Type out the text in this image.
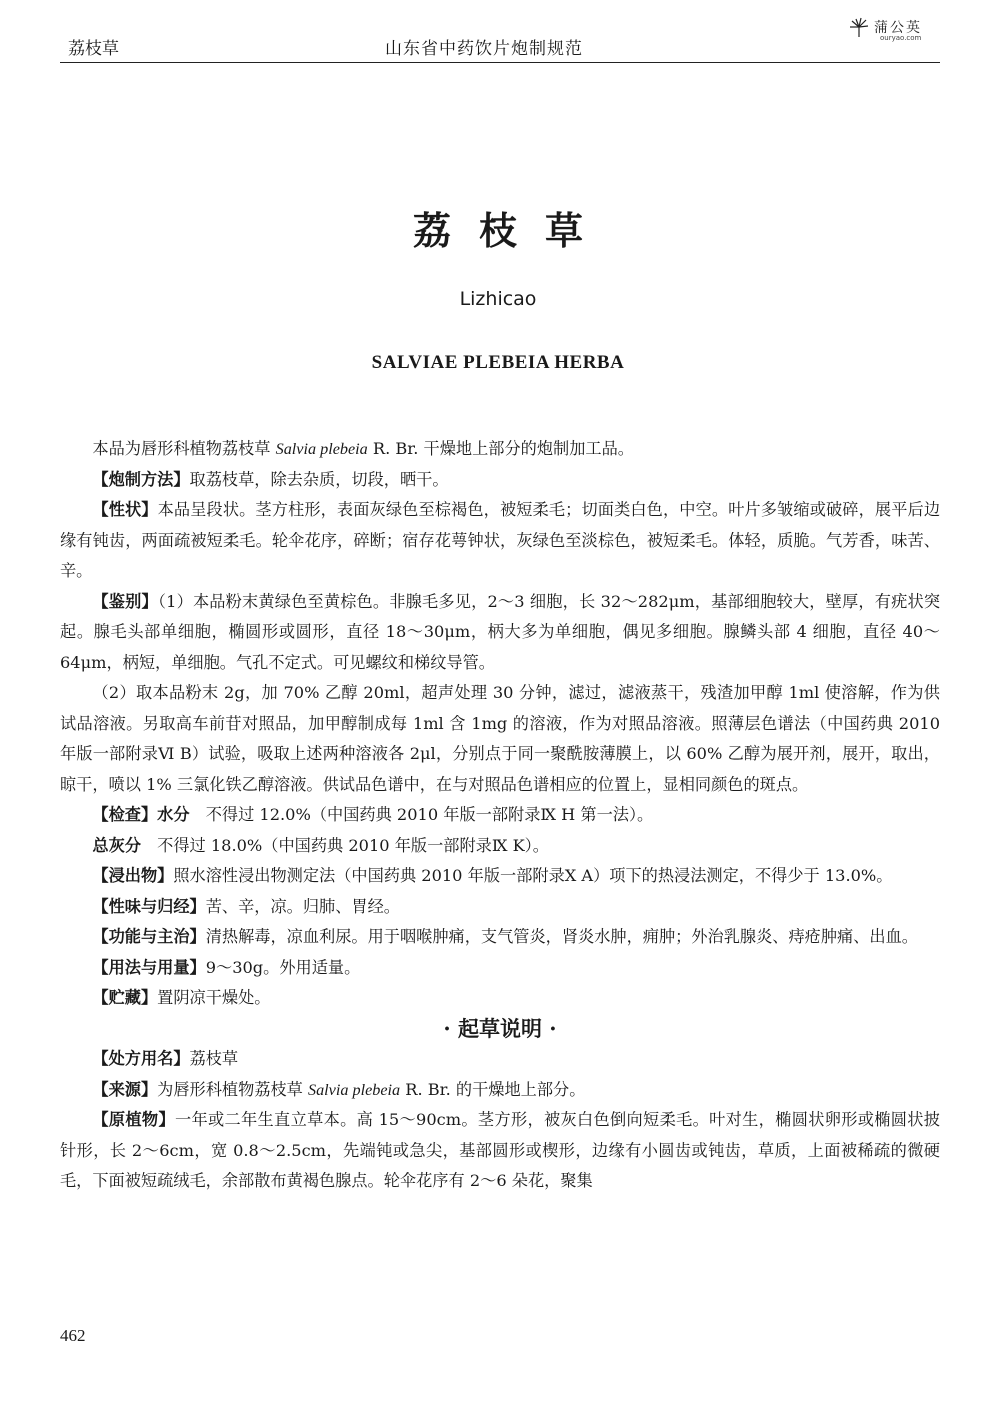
荔枝草	山东省中药饮片炮制规范
蒲公英
ouryao.com
荔枝草
Lizhicao
SALVIAE PLEBEIA HERBA

本品为唇形科植物荔枝草 Salvia plebeia R. Br. 干燥地上部分的炮制加工品。

【炮制方法】取荔枝草，除去杂质，切段，晒干。

【性状】本品呈段状。茎方柱形，表面灰绿色至棕褐色，被短柔毛；切面类白色，中空。叶片多皱缩或破碎，展平后边缘有钝齿，两面疏被短柔毛。轮伞花序，碎断；宿存花萼钟状，灰绿色至淡棕色，被短柔毛。体轻，质脆。气芳香，味苦、辛。

【鉴别】（1）本品粉末黄绿色至黄棕色。非腺毛多见，2～3 细胞，长 32～282μm，基部细胞较大，壁厚，有疣状突起。腺毛头部单细胞，椭圆形或圆形，直径 18～30μm，柄大多为单细胞，偶见多细胞。腺鳞头部 4 细胞，直径 40～64μm，柄短，单细胞。气孔不定式。可见螺纹和梯纹导管。

（2）取本品粉末 2g，加 70% 乙醇 20ml，超声处理 30 分钟，滤过，滤液蒸干，残渣加甲醇 1ml 使溶解，作为供试品溶液。另取高车前苷对照品，加甲醇制成每 1ml 含 1mg 的溶液，作为对照品溶液。照薄层色谱法（中国药典 2010 年版一部附录Ⅵ B）试验，吸取上述两种溶液各 2μl，分别点于同一聚酰胺薄膜上，以 60% 乙醇为展开剂，展开，取出，晾干，喷以 1% 三氯化铁乙醇溶液。供试品色谱中，在与对照品色谱相应的位置上，显相同颜色的斑点。

【检查】水分　不得过 12.0%（中国药典 2010 年版一部附录Ⅸ H 第一法）。

总灰分　不得过 18.0%（中国药典 2010 年版一部附录Ⅸ K）。

【浸出物】照水溶性浸出物测定法（中国药典 2010 年版一部附录Ⅹ A）项下的热浸法测定，不得少于 13.0%。

【性味与归经】苦、辛，凉。归肺、胃经。

【功能与主治】清热解毒，凉血利尿。用于咽喉肿痛，支气管炎，肾炎水肿，痈肿；外治乳腺炎、痔疮肿痛、出血。

【用法与用量】9～30g。外用适量。

【贮藏】置阴凉干燥处。

· 起草说明 ·

【处方用名】荔枝草

【来源】为唇形科植物荔枝草 Salvia plebeia R. Br. 的干燥地上部分。

【原植物】一年或二年生直立草本。高 15～90cm。茎方形，被灰白色倒向短柔毛。叶对生，椭圆状卵形或椭圆状披针形，长 2～6cm，宽 0.8～2.5cm，先端钝或急尖，基部圆形或楔形，边缘有小圆齿或钝齿，草质，上面被稀疏的微硬毛，下面被短疏绒毛，余部散布黄褐色腺点。轮伞花序有 2～6 朵花，聚集

462
